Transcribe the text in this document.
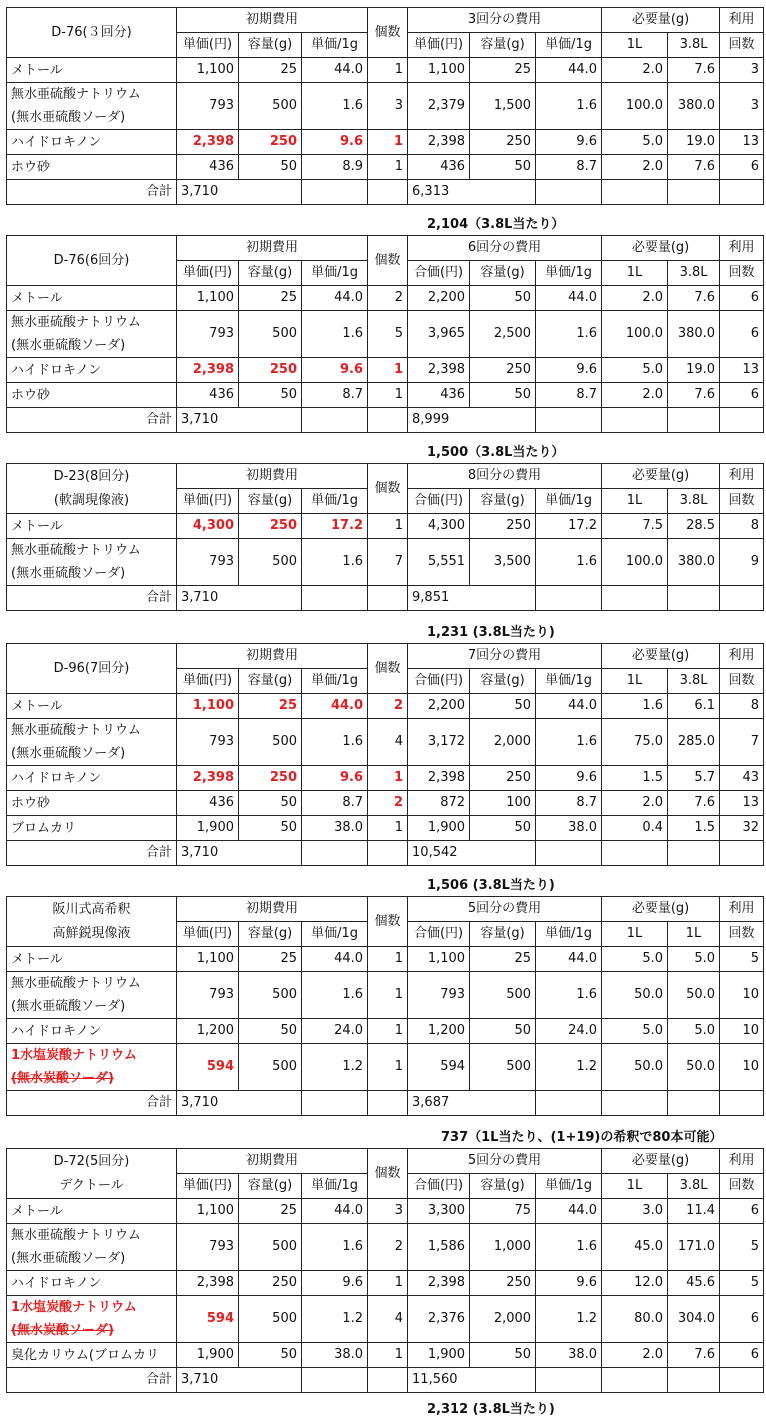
D-76(３回分)	初期費用			個数	3回分の費用			必要量(g)		利用
	単価(円)	容量(g)	単価/1g		単価(円)	容量(g)	単価/1g	1L	3.8L	回数

メトール	1,100	25	44.0	1	1,100	25	44.0	2.0	7.6	3

無水亜硫酸ナトリウム
(無水亜硫酸ソーダ)	793	500	1.6	3	2,379	1,500	1.6	100.0	380.0	3

ハイドロキノン	2,398	250	9.6	1	2,398	250	9.6	5.0	19.0	13

ホウ砂	436	50	8.9	1	436	50	8.7	2.0	7.6	6
合計	3,710				6,313					
2,104（3.8L当たり）
D-76(6回分)	初期費用			個数	6回分の費用			必要量(g)		利用
	単価(円)	容量(g)	単価/1g		合価(円)	容量(g)	単価/1g	1L	3.8L	回数

メトール	1,100	25	44.0	2	2,200	50	44.0	2.0	7.6	6

無水亜硫酸ナトリウム
(無水亜硫酸ソーダ)	793	500	1.6	5	3,965	2,500	1.6	100.0	380.0	6

ハイドロキノン	2,398	250	9.6	1	2,398	250	9.6	5.0	19.0	13

ホウ砂	436	50	8.7	1	436	50	8.7	2.0	7.6	6
合計	3,710				8,999					
1,500（3.8L当たり）
D-23(8回分)
(軟調現像液)	初期費用			個数	8回分の費用			必要量(g)		利用
	単価(円)	容量(g)	単価/1g		合価(円)	容量(g)	単価/1g	1L	3.8L	回数

メトール	4,300	250	17.2	1	4,300	250	17.2	7.5	28.5	8

無水亜硫酸ナトリウム
(無水亜硫酸ソーダ)	793	500	1.6	7	5,551	3,500	1.6	100.0	380.0	9
合計	3,710				9,851					
1,231 (3.8L当たり)
D-96(7回分)	初期費用			個数	7回分の費用			必要量(g)		利用
	単価(円)	容量(g)	単価/1g		合価(円)	容量(g)	単価/1g	1L	3.8L	回数

メトール	1,100	25	44.0	2	2,200	50	44.0	1.6	6.1	8

無水亜硫酸ナトリウム
(無水亜硫酸ソーダ)	793	500	1.6	4	3,172	2,000	1.6	75.0	285.0	7

ハイドロキノン	2,398	250	9.6	1	2,398	250	9.6	1.5	5.7	43

ホウ砂	436	50	8.7	2	872	100	8.7	2.0	7.6	13

ブロムカリ	1,900	50	38.0	1	1,900	50	38.0	0.4	1.5	32
合計	3,710				10,542					
1,506 (3.8L当たり)
阪川式高希釈
高鮮鋭現像液	初期費用			個数	5回分の費用			必要量(g)		利用
	単価(円)	容量(g)	単価/1g		合価(円)	容量(g)	単価/1g	1L	1L	回数

メトール	1,100	25	44.0	1	1,100	25	44.0	5.0	5.0	5

無水亜硫酸ナトリウム
(無水亜硫酸ソーダ)	793	500	1.6	1	793	500	1.6	50.0	50.0	10

ハイドロキノン	1,200	50	24.0	1	1,200	50	24.0	5.0	5.0	10

1水塩炭酸ナトリウム
(無水炭酸ソーダ)	594	500	1.2	1	594	500	1.2	50.0	50.0	10
合計	3,710				3,687					
737（1L当たり、(1+19)の希釈で80本可能）
D-72(5回分)
デクトール	初期費用			個数	5回分の費用			必要量(g)		利用
	単価(円)	容量(g)	単価/1g		合価(円)	容量(g)	単価/1g	1L	3.8L	回数

メトール	1,100	25	44.0	3	3,300	75	44.0	3.0	11.4	6

無水亜硫酸ナトリウム
(無水亜硫酸ソーダ)	793	500	1.6	2	1,586	1,000	1.6	45.0	171.0	5

ハイドロキノン	2,398	250	9.6	1	2,398	250	9.6	12.0	45.6	5

1水塩炭酸ナトリウム
(無水炭酸ソーダ)	594	500	1.2	4	2,376	2,000	1.2	80.0	304.0	6

臭化カリウム(ブロムカリ	1,900	50	38.0	1	1,900	50	38.0	2.0	7.6	6
合計	3,710				11,560					
2,312 (3.8L当たり)
